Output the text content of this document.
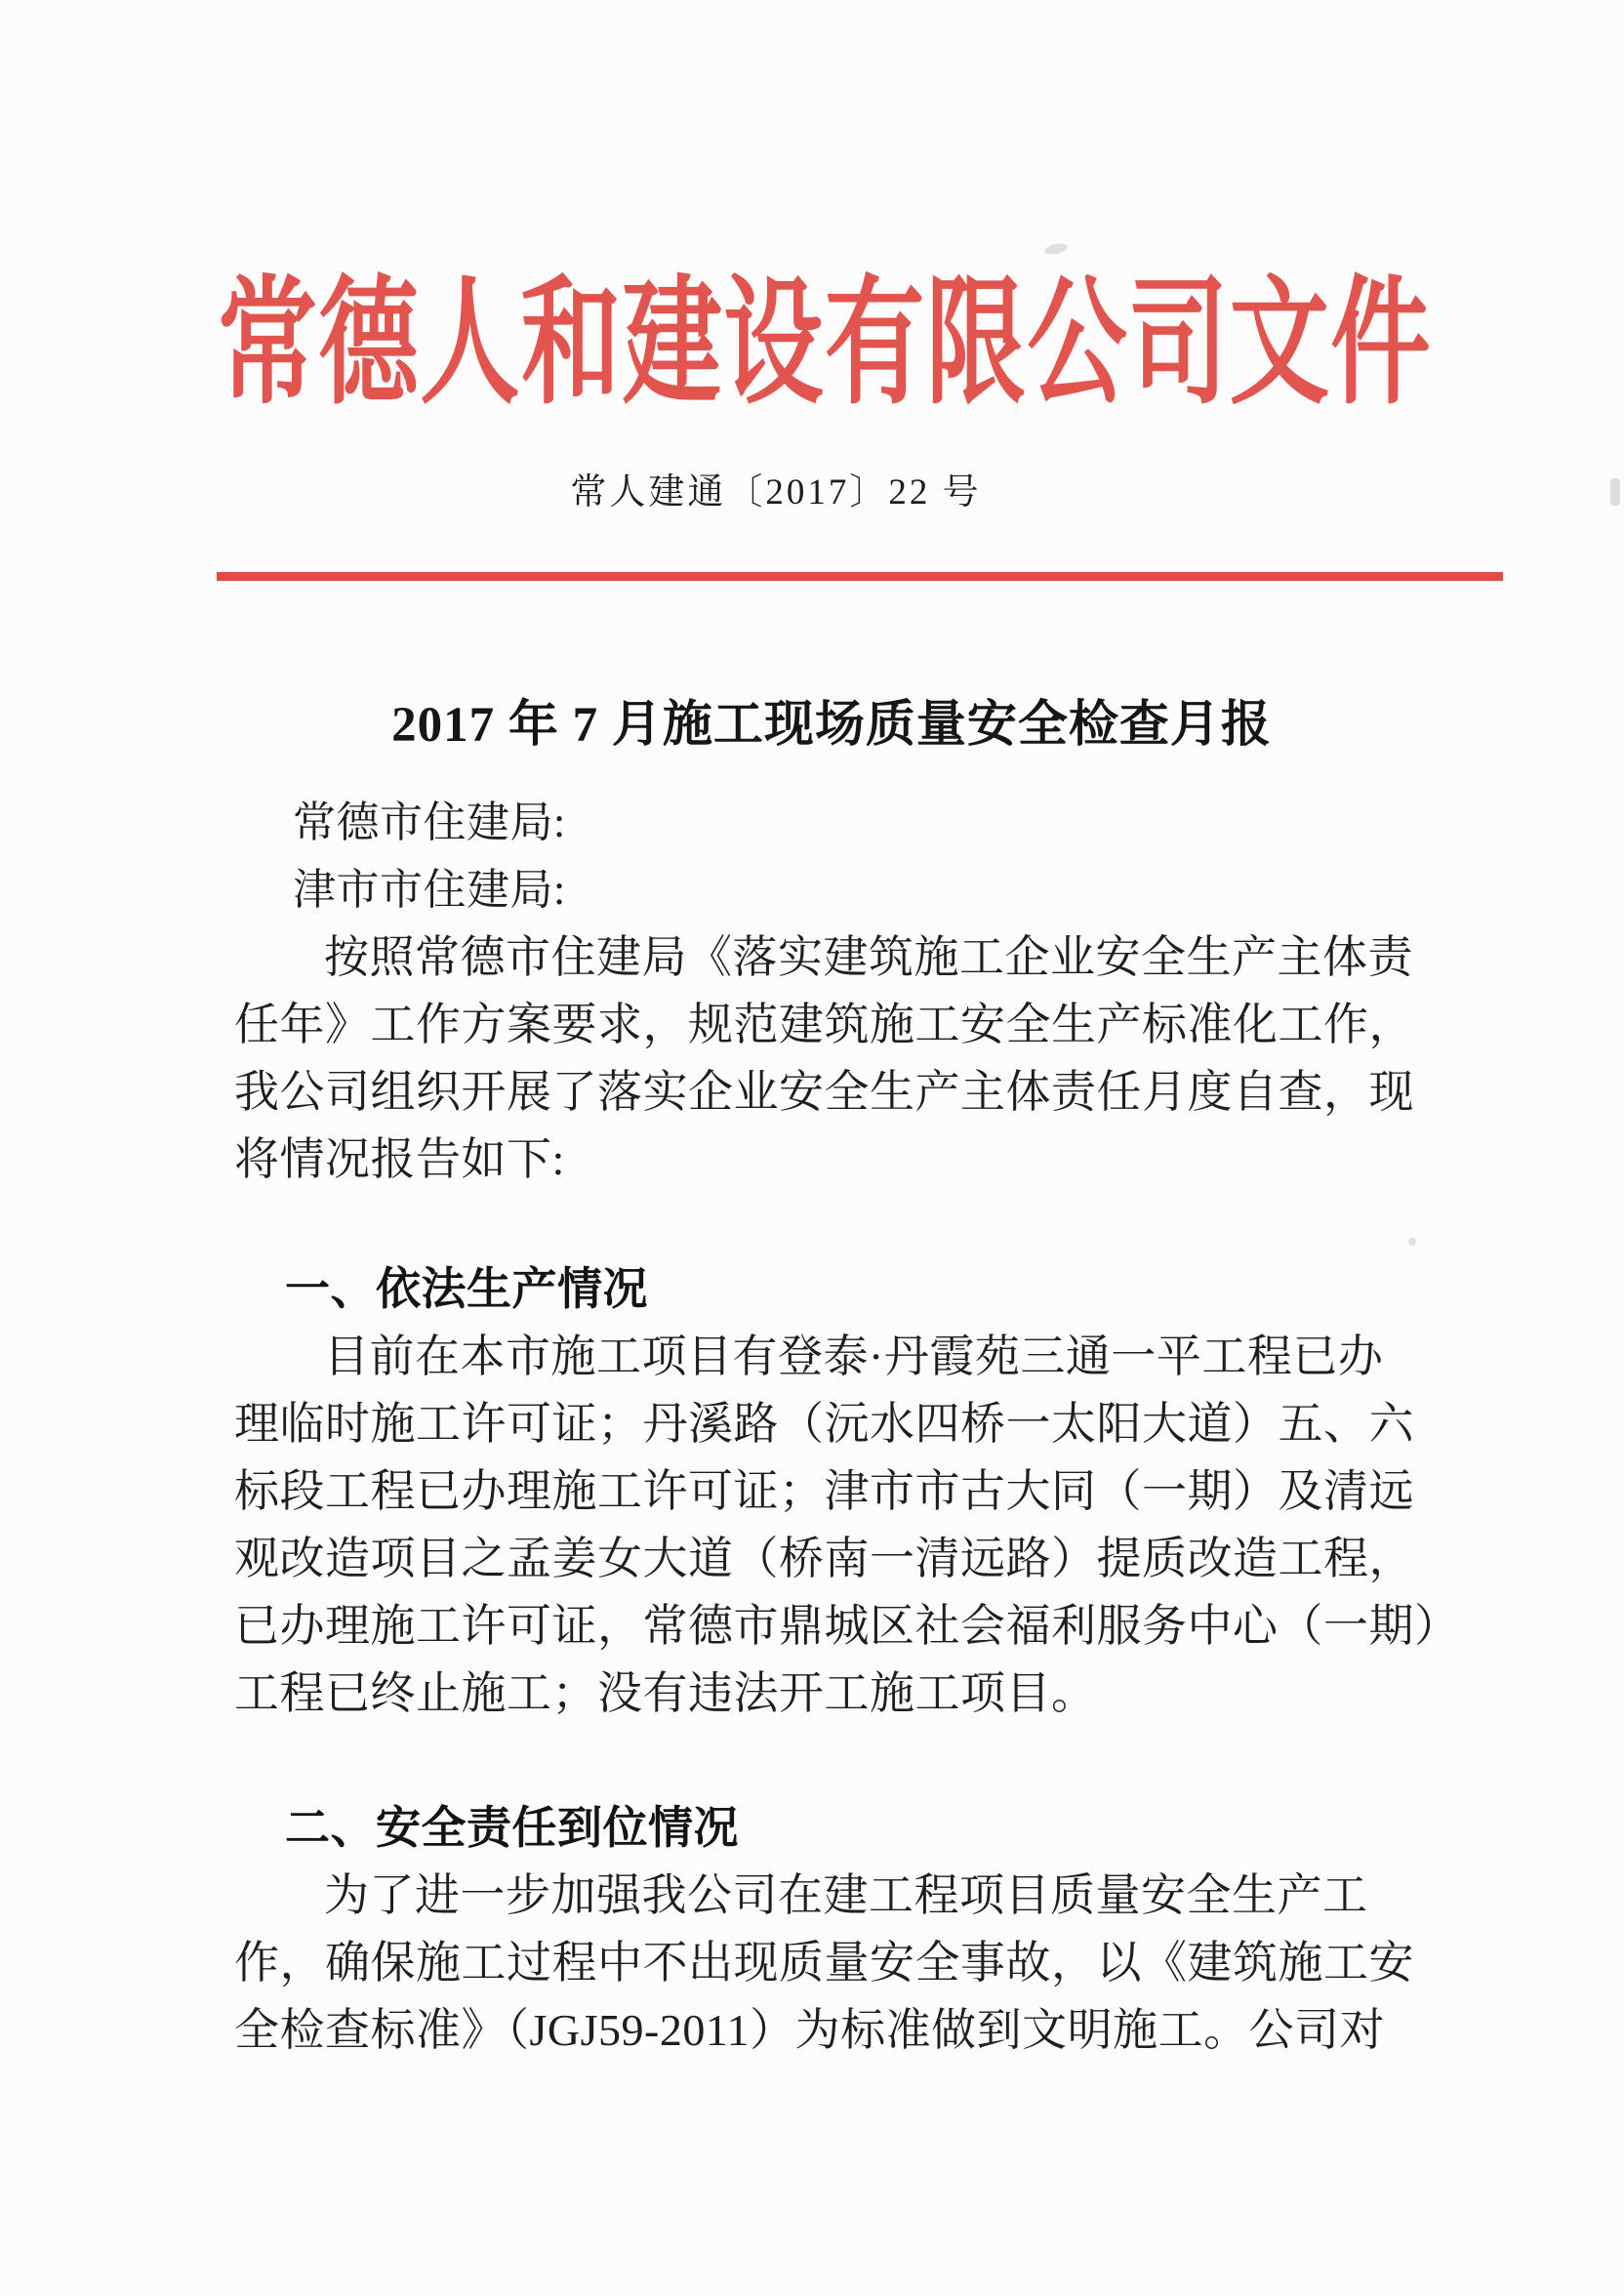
常德人和建设有限公司文件
常人建通〔2017〕22 号
2017 年 7 月施工现场质量安全检查月报
常德市住建局:
津市市住建局:
按照常德市住建局《落实建筑施工企业安全生产主体责
任年》工作方案要求，规范建筑施工安全生产标准化工作，
我公司组织开展了落实企业安全生产主体责任月度自查，现
将情况报告如下:
一、依法生产情况
目前在本市施工项目有登泰·丹霞苑三通一平工程已办
理临时施工许可证；丹溪路（沅水四桥一太阳大道）五、六
标段工程已办理施工许可证；津市市古大同（一期）及清远
观改造项目之孟姜女大道（桥南一清远路）提质改造工程，
已办理施工许可证，常德市鼎城区社会福利服务中心（一期）
工程已终止施工；没有违法开工施工项目。
二、安全责任到位情况
为了进一步加强我公司在建工程项目质量安全生产工
作，确保施工过程中不出现质量安全事故，以《建筑施工安
全检查标准》（JGJ59-2011）为标准做到文明施工。公司对
